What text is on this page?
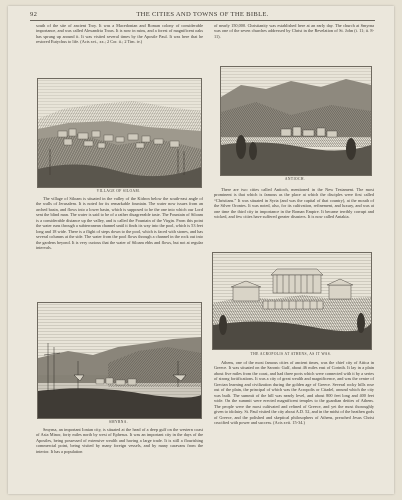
92	THE CITIES AND TOWNS OF THE BIBLE.

south of the site of ancient Troy. It was a Macedonian and Roman colony of considerable importance, and was called Alexandria Troas. It is now in ruins, and a forest of magnificent oaks has sprung up around it. It was visited several times by the Apostle Paul. It was here that he restored Eutychus to life. (Acts xvi., xx.; 2 Cor. ii.; 2 Tim. iv.)

VILLAGE OF SILOAM.

The village of Siloam is situated in the valley of the Kidron below the south-east angle of the walls of Jerusalem. It is noted for its remarkable fountain. The water now issues from an arched basin, and flows into a lower basin, which is supposed to be the one into which our Lord sent the blind man. The water is said to be of a rather disagreeable taste. The Fountain of Siloam is a considerable distance up the valley, and is called the Fountain of the Virgin. From this point the water runs through a subterranean channel until it finds its way into the pool, which is 53 feet long and 18 wide. There is a flight of steps down to the pool, which is faced with stones, and has several columns at the side. The water from the pool flows through a channel in the rock out into the gardens beyond. It is very curious that the water of Siloam ebbs and flows, but not at regular intervals.

SMYRNA.

Smyrna, an important Ionian city, is situated at the head of a deep gulf on the western coast of Asia Minor, forty miles north by west of Ephesus. It was an important city in the days of the Apostles, being possessed of extensive wealth and having a large trade. It is still a flourishing commercial point, being visited by many foreign vessels, and by many caravans from the interior. It has a population

of nearly 150,000. Christianity was established here at an early day. The church at Smyrna was one of the seven churches addressed by Christ in the Revelation of St. John (i. 11; ii. 8-11).

ANTIOCH.

There are two cities called Antioch, mentioned in the New Testament. The most prominent is that which is famous as the place at which the disciples were first called “Christians.” It was situated in Syria (and was the capital of that country), at the mouth of the Silver Orontes. It was noted, also, for its cultivation, refinement, and luxury, and was at one time the third city in importance in the Roman Empire. It became terribly corrupt and wicked, and few cities have suffered greater disasters. It is now called Antakia.

THE ACROPOLIS AT ATHENS, AS IT WAS.

Athens, one of the most famous cities of ancient times, was the chief city of Attica in Greece. It was situated on the Saronic Gulf, about 46 miles east of Corinth. It lay in a plain about five miles from the coast, and had three ports which were connected with it by a series of strong fortifications. It was a city of great wealth and magnificence, and was the centre of Grecian learning and civilization during the golden age of Greece. Several rocky hills rose out of the plain, the principal of which was the Acropolis or Citadel, around which the city was built. The summit of the hill was nearly level, and about 800 feet long and 400 feet wide. On the summit were erected magnificent temples to the guardian deities of Athens. The people were the most cultivated and refined of Greece, and yet the most thoroughly given to idolatry. St. Paul visited the city about A.D. 52, and in the midst of the heathen gods of Greece, and the polished and skeptical philosophers of Athens, preached Jesus Christ crucified with power and success. (Acts xvii. 15-34.)
